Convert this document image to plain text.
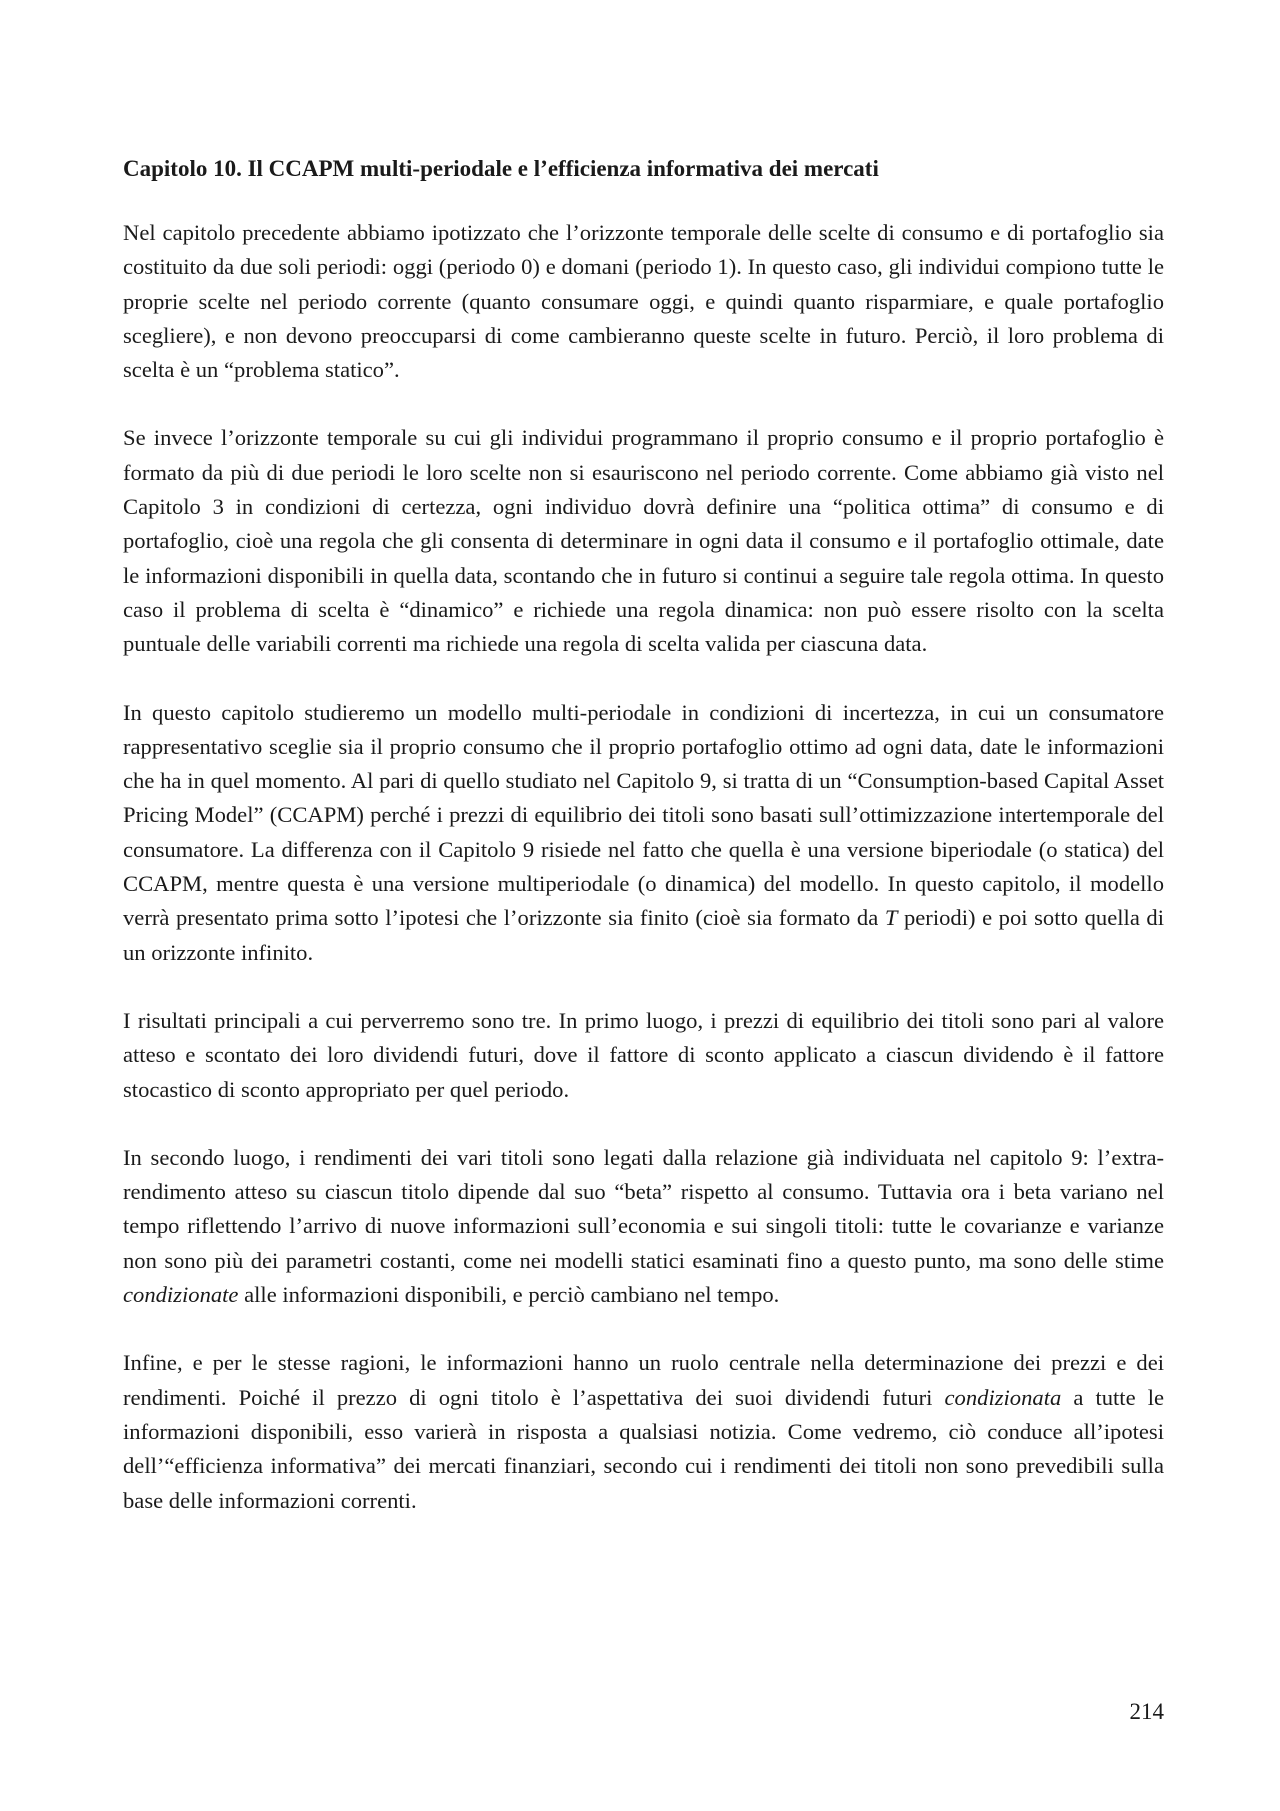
Capitolo 10. Il CCAPM multi-periodale e l’efficienza informativa dei mercati

Nel capitolo precedente abbiamo ipotizzato che l’orizzonte temporale delle scelte di consumo e di portafoglio sia costituito da due soli periodi: oggi (periodo 0) e domani (periodo 1). In questo caso, gli individui compiono tutte le proprie scelte nel periodo corrente (quanto consumare oggi, e quindi quanto risparmiare, e quale portafoglio scegliere), e non devono preoccuparsi di come cambieranno queste scelte in futuro. Perciò, il loro problema di scelta è un “problema statico”.

Se invece l’orizzonte temporale su cui gli individui programmano il proprio consumo e il proprio portafoglio è formato da più di due periodi le loro scelte non si esauriscono nel periodo corrente. Come abbiamo già visto nel Capitolo 3 in condizioni di certezza, ogni individuo dovrà definire una “politica ottima” di consumo e di portafoglio, cioè una regola che gli consenta di determinare in ogni data il consumo e il portafoglio ottimale, date le informazioni disponibili in quella data, scontando che in futuro si continui a seguire tale regola ottima. In questo caso il problema di scelta è “dinamico” e richiede una regola dinamica: non può essere risolto con la scelta puntuale delle variabili correnti ma richiede una regola di scelta valida per ciascuna data.

In questo capitolo studieremo un modello multi-periodale in condizioni di incertezza, in cui un consumatore rappresentativo sceglie sia il proprio consumo che il proprio portafoglio ottimo ad ogni data, date le informazioni che ha in quel momento. Al pari di quello studiato nel Capitolo 9, si tratta di un “Consumption-based Capital Asset Pricing Model” (CCAPM) perché i prezzi di equilibrio dei titoli sono basati sull’ottimizzazione intertemporale del consumatore. La differenza con il Capitolo 9 risiede nel fatto che quella è una versione biperiodale (o statica) del CCAPM, mentre questa è una versione multiperiodale (o dinamica) del modello. In questo capitolo, il modello verrà presentato prima sotto l’ipotesi che l’orizzonte sia finito (cioè sia formato da T periodi) e poi sotto quella di un orizzonte infinito.

I risultati principali a cui perverremo sono tre. In primo luogo, i prezzi di equilibrio dei titoli sono pari al valore atteso e scontato dei loro dividendi futuri, dove il fattore di sconto applicato a ciascun dividendo è il fattore stocastico di sconto appropriato per quel periodo.

In secondo luogo, i rendimenti dei vari titoli sono legati dalla relazione già individuata nel capitolo 9: l’extra-rendimento atteso su ciascun titolo dipende dal suo “beta” rispetto al consumo. Tuttavia ora i beta variano nel tempo riflettendo l’arrivo di nuove informazioni sull’economia e sui singoli titoli: tutte le covarianze e varianze non sono più dei parametri costanti, come nei modelli statici esaminati fino a questo punto, ma sono delle stime condizionate alle informazioni disponibili, e perciò cambiano nel tempo.

Infine, e per le stesse ragioni, le informazioni hanno un ruolo centrale nella determinazione dei prezzi e dei rendimenti. Poiché il prezzo di ogni titolo è l’aspettativa dei suoi dividendi futuri condizionata a tutte le informazioni disponibili, esso varierà in risposta a qualsiasi notizia. Come vedremo, ciò conduce all’ipotesi dell’“efficienza informativa” dei mercati finanziari, secondo cui i rendimenti dei titoli non sono prevedibili sulla base delle informazioni correnti.

214
